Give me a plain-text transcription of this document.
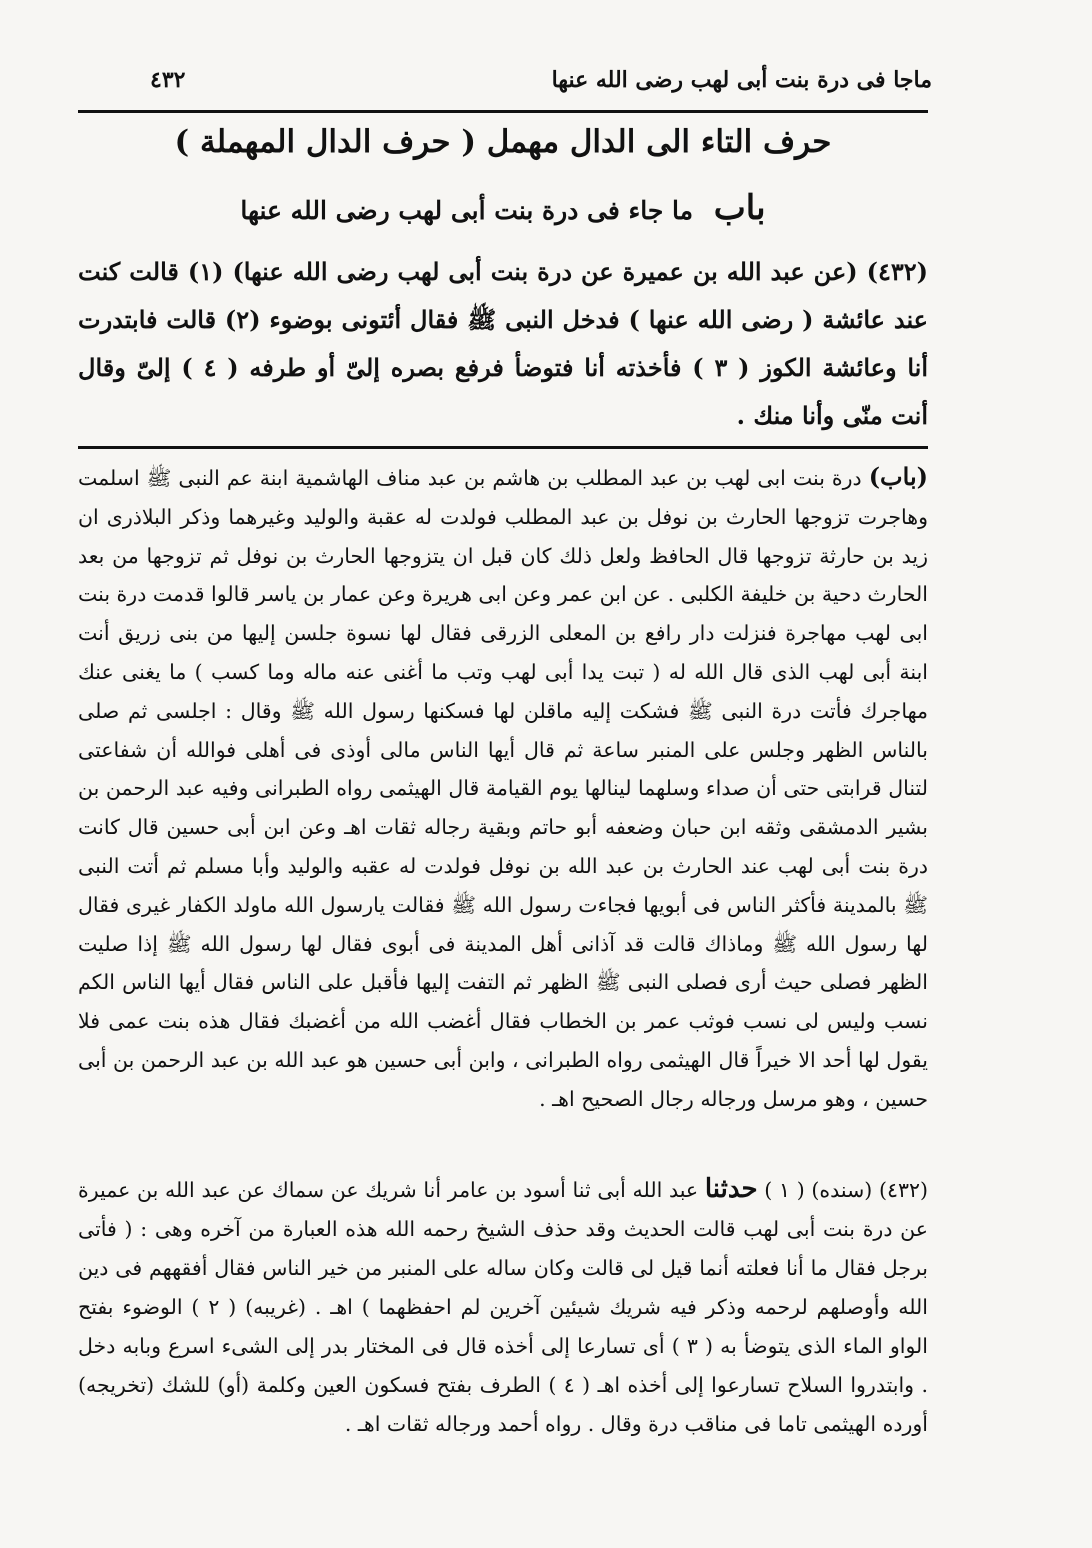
ماجا فى درة بنت أبى لهب رضى الله عنها
٤٣٢
حرف التاء الى الدال مهمل ( حرف الدال المهملة )
باب ما جاء فى درة بنت أبى لهب رضى الله عنها

(٤٣٢) (عن عبد الله بن عميرة عن درة بنت أبى لهب رضى الله عنها) (١) قالت كنت عند عائشة ( رضى الله عنها ) فدخل النبى ﷺ فقال أئتونى بوضوء (٢) قالت فابتدرت أنا وعائشة الكوز ( ٣ ) فأخذته أنا فتوضأ فرفع بصره إلىّ أو طرفه ( ٤ ) إلىّ وقال أنت منّى وأنا منك .

(باب) درة بنت ابى لهب بن عبد المطلب بن هاشم بن عبد مناف الهاشمية ابنة عم النبى ﷺ اسلمت وهاجرت تزوجها الحارث بن نوفل بن عبد المطلب فولدت له عقبة والوليد وغيرهما وذكر البلاذرى ان زيد بن حارثة تزوجها قال الحافظ ولعل ذلك كان قبل ان يتزوجها الحارث بن نوفل ثم تزوجها من بعد الحارث دحية بن خليفة الكلبى . عن ابن عمر وعن ابى هريرة وعن عمار بن ياسر قالوا قدمت درة بنت ابى لهب مهاجرة فنزلت دار رافع بن المعلى الزرقى فقال لها نسوة جلسن إليها من بنى زريق أنت ابنة أبى لهب الذى قال الله له ( تبت يدا أبى لهب وتب ما أغنى عنه ماله وما كسب ) ما يغنى عنك مهاجرك فأتت درة النبى ﷺ فشكت إليه ماقلن لها فسكنها رسول الله ﷺ وقال : اجلسى ثم صلى بالناس الظهر وجلس على المنبر ساعة ثم قال أيها الناس مالى أوذى فى أهلى فوالله أن شفاعتى لتنال قرابتى حتى أن صداء وسلهما لينالها يوم القيامة قال الهيثمى رواه الطبرانى وفيه عبد الرحمن بن بشير الدمشقى وثقه ابن حبان وضعفه أبو حاتم وبقية رجاله ثقات اهـ وعن ابن أبى حسين قال كانت درة بنت أبى لهب عند الحارث بن عبد الله بن نوفل فولدت له عقبه والوليد وأبا مسلم ثم أتت النبى ﷺ بالمدينة فأكثر الناس فى أبويها فجاءت رسول الله ﷺ فقالت يارسول الله ماولد الكفار غيرى فقال لها رسول الله ﷺ وماذاك قالت قد آذانى أهل المدينة فى أبوى فقال لها رسول الله ﷺ إذا صليت الظهر فصلى حيث أرى فصلى النبى ﷺ الظهر ثم التفت إليها فأقبل على الناس فقال أيها الناس الكم نسب وليس لى نسب فوثب عمر بن الخطاب فقال أغضب الله من أغضبك فقال هذه بنت عمى فلا يقول لها أحد الا خيراً قال الهيثمى رواه الطبرانى ، وابن أبى حسين هو عبد الله بن عبد الرحمن بن أبى حسين ، وهو مرسل ورجاله رجال الصحيح اهـ .

(٤٣٢) (سنده) ( ١ ) حدثنا عبد الله أبى ثنا أسود بن عامر أنا شريك عن سماك عن عبد الله بن عميرة عن درة بنت أبى لهب قالت الحديث وقد حذف الشيخ رحمه الله هذه العبارة من آخره وهى : ( فأتى برجل فقال ما أنا فعلته أنما قيل لى قالت وكان ساله على المنبر من خير الناس فقال أفقههم فى دين الله وأوصلهم لرحمه وذكر فيه شريك شيئين آخرين لم احفظهما ) اهـ . (غريبه) ( ٢ ) الوضوء بفتح الواو الماء الذى يتوضأ به ( ٣ ) أى تسارعا إلى أخذه قال فى المختار بدر إلى الشىء اسرع وبابه دخل . وابتدروا السلاح تسارعوا إلى أخذه اهـ ( ٤ ) الطرف بفتح فسكون العين وكلمة (أو) للشك (تخريجه) أورده الهيثمى تاما فى مناقب درة وقال . رواه أحمد ورجاله ثقات اهـ .
